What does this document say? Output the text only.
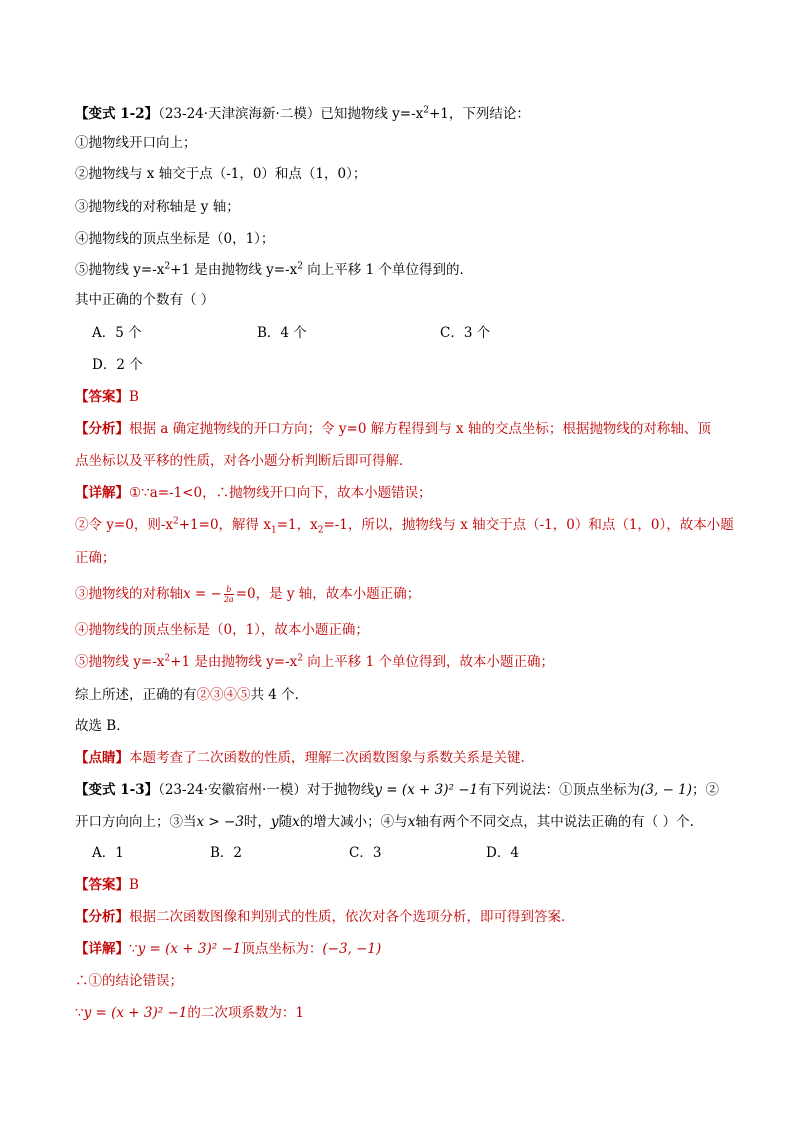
【变式 1-2】（23-24·天津滨海新·二模）已知抛物线 $y=-x^2+1$，下列结论：
①抛物线开口向上；
②抛物线与 x 轴交于点（-1，0）和点（1，0）；
③抛物线的对称轴是 y 轴；
④抛物线的顶点坐标是（0，1）；
⑤抛物线 $y=-x^2+1$ 是由抛物线 $y=-x^2$ 向上平移 1 个单位得到的．
其中正确的个数有（ ）
A．5 个	B．4 个	C．3 个
D．2 个
【答案】B
【分析】根据 a 确定抛物线的开口方向；令 y=0 解方程得到与 x 轴的交点坐标；根据抛物线的对称轴、顶
点坐标以及平移的性质，对各小题分析判断后即可得解．
【详解】①∵a=-1<0，∴抛物线开口向下，故本小题错误；
②令 y=0，则$-x^2+1=0$，解得 $x_1=1$，$x_2=-1$，所以，抛物线与 x 轴交于点（-1，0）和点（1，0），故本小题
正确；
③抛物线的对称轴x = − $\frac{b}{2a} =0$，是 y 轴，故本小题正确；
④抛物线的顶点坐标是（0，1），故本小题正确；
⑤抛物线 $y=-x^2+1$ 是由抛物线 $y=-x^2$ 向上平移 1 个单位得到，故本小题正确；
综上所述，正确的有②③④⑤共 4 个．
故选 B．
【点睛】本题考查了二次函数的性质，理解二次函数图象与系数关系是关键.
【变式 1-3】（23-24·安徽宿州·一模）对于抛物线y = (x + 3)² −1有下列说法：①顶点坐标为(3, − 1)；②
开口方向向上；③当x > −3时，y随x的增大减小；④与x轴有两个不同交点，其中说法正确的有（ ）个.
A．1	B．2	C．3	D．4
【答案】B
【分析】根据二次函数图像和判别式的性质，依次对各个选项分析，即可得到答案．
【详解】∵y = (x + 3)² −1顶点坐标为：(−3, −1)
∴①的结论错误；
∵y = (x + 3)² −1的二次项系数为：1
